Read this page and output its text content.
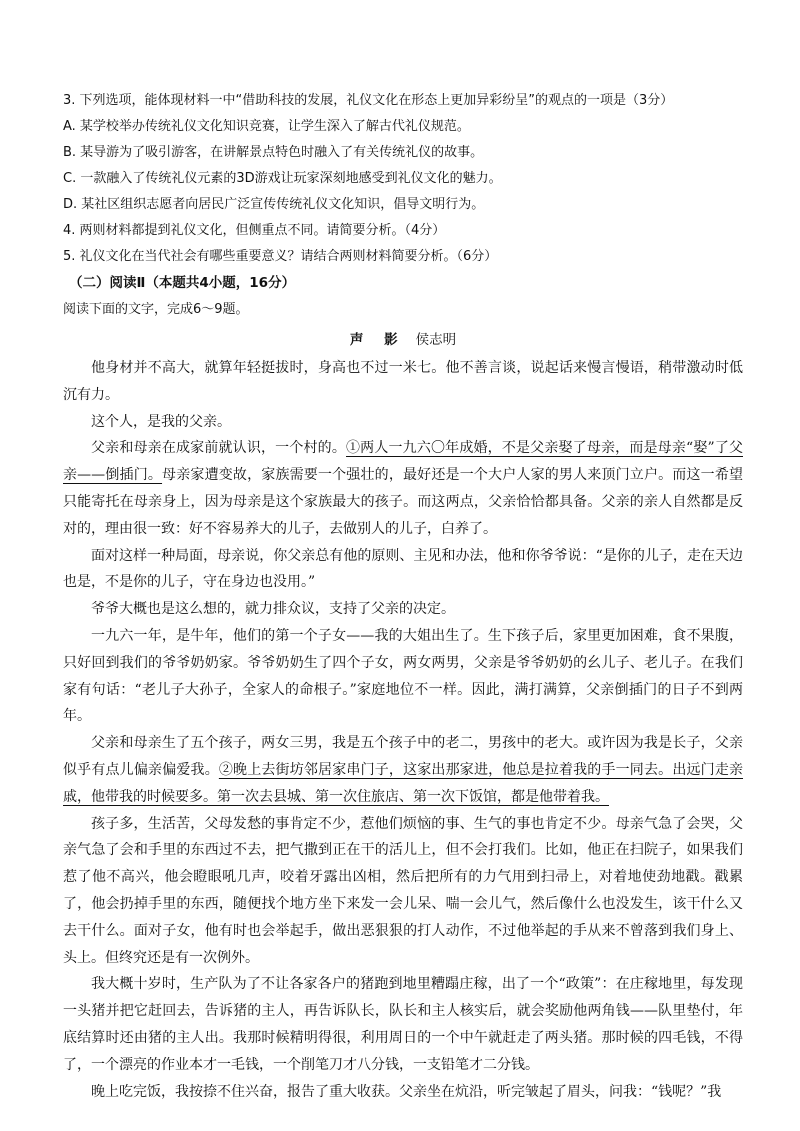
3. 下列选项，能体现材料一中“借助科技的发展，礼仪文化在形态上更加异彩纷呈”的观点的一项是（3分）
A. 某学校举办传统礼仪文化知识竞赛，让学生深入了解古代礼仪规范。
B. 某导游为了吸引游客，在讲解景点特色时融入了有关传统礼仪的故事。
C. 一款融入了传统礼仪元素的3D游戏让玩家深刻地感受到礼仪文化的魅力。
D. 某社区组织志愿者向居民广泛宣传传统礼仪文化知识，倡导文明行为。
4. 两则材料都提到礼仪文化，但侧重点不同。请简要分析。（4分）
5. 礼仪文化在当代社会有哪些重要意义？请结合两则材料简要分析。（6分）
（二）阅读Ⅱ（本题共4小题，16分）
阅读下面的文字，完成6～9题。
声 影 侯志明

他身材并不高大，就算年轻挺拔时，身高也不过一米七。他不善言谈，说起话来慢言慢语，稍带激动时低沉有力。

这个人，是我的父亲。

父亲和母亲在成家前就认识，一个村的。①两人一九六〇年成婚，不是父亲娶了母亲，而是母亲“娶”了父亲——倒插门。母亲家遭变故，家族需要一个强壮的，最好还是一个大户人家的男人来顶门立户。而这一希望只能寄托在母亲身上，因为母亲是这个家族最大的孩子。而这两点，父亲恰恰都具备。父亲的亲人自然都是反对的，理由很一致：好不容易养大的儿子，去做别人的儿子，白养了。

面对这样一种局面，母亲说，你父亲总有他的原则、主见和办法，他和你爷爷说：“是你的儿子，走在天边也是，不是你的儿子，守在身边也没用。”

爷爷大概也是这么想的，就力排众议，支持了父亲的决定。

一九六一年，是牛年，他们的第一个子女——我的大姐出生了。生下孩子后，家里更加困难，食不果腹，只好回到我们的爷爷奶奶家。爷爷奶奶生了四个子女，两女两男，父亲是爷爷奶奶的幺儿子、老儿子。在我们家有句话：“老儿子大孙子，全家人的命根子。”家庭地位不一样。因此，满打满算，父亲倒插门的日子不到两年。

父亲和母亲生了五个孩子，两女三男，我是五个孩子中的老二，男孩中的老大。或许因为我是长子，父亲似乎有点儿偏亲偏爱我。②晚上去街坊邻居家串门子，这家出那家进，他总是拉着我的手一同去。出远门走亲戚，他带我的时候要多。第一次去县城、第一次住旅店、第一次下饭馆，都是他带着我。

孩子多，生活苦，父母发愁的事肯定不少，惹他们烦恼的事、生气的事也肯定不少。母亲气急了会哭，父亲气急了会和手里的东西过不去，把气撒到正在干的活儿上，但不会打我们。比如，他正在扫院子，如果我们惹了他不高兴，他会瞪眼吼几声，咬着牙露出凶相，然后把所有的力气用到扫帚上，对着地使劲地戳。戳累了，他会扔掉手里的东西，随便找个地方坐下来发一会儿呆、喘一会儿气，然后像什么也没发生，该干什么又去干什么。面对子女，他有时也会举起手，做出恶狠狠的打人动作，不过他举起的手从来不曾落到我们身上、头上。但终究还是有一次例外。

我大概十岁时，生产队为了不让各家各户的猪跑到地里糟蹋庄稼，出了一个“政策”：在庄稼地里，每发现一头猪并把它赶回去，告诉猪的主人，再告诉队长，队长和主人核实后，就会奖励他两角钱——队里垫付，年底结算时还由猪的主人出。我那时候精明得很，利用周日的一个中午就赶走了两头猪。那时候的四毛钱，不得了，一个漂亮的作业本才一毛钱，一个削笔刀才八分钱，一支铅笔才二分钱。

晚上吃完饭，我按捺不住兴奋，报告了重大收获。父亲坐在炕沿，听完皱起了眉头，问我：“钱呢？”我
